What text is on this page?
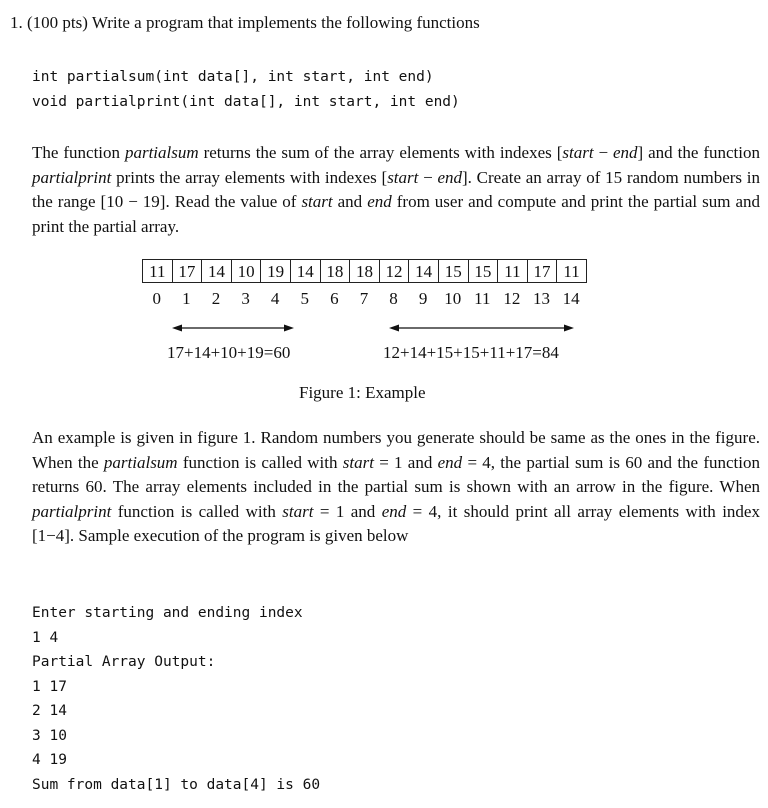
1. (100 pts) Write a program that implements the following functions
int partialsum(int data[], int start, int end)
void partialprint(int data[], int start, int end)
The function partialsum returns the sum of the array elements with indexes [start − end] and the function partialprint prints the array elements with indexes [start − end]. Create an array of 15 random numbers in the range [10 − 19]. Read the value of start and end from user and compute and print the partial sum and print the partial array.
11 17 14 10 19 14 18 18 12 14 15 15 11 17 11
0	1	2	3	4	5	6	7	8	9 10 11 12 13 14
17+14+10+19=60	12+14+15+15+11+17=84
Figure 1: Example
An example is given in figure 1. Random numbers you generate should be same as the ones in the figure. When the partialsum function is called with start = 1 and end = 4, the partial sum is 60 and the function returns 60. The array elements included in the partial sum is shown with an arrow in the figure. When partialprint function is called with start = 1 and end = 4, it should print all array elements with index [1−4]. Sample execution of the program is given below
Enter starting and ending index
1 4
Partial Array Output:
1 17
2 14
3 10
4 19
Sum from data[1] to data[4] is 60
